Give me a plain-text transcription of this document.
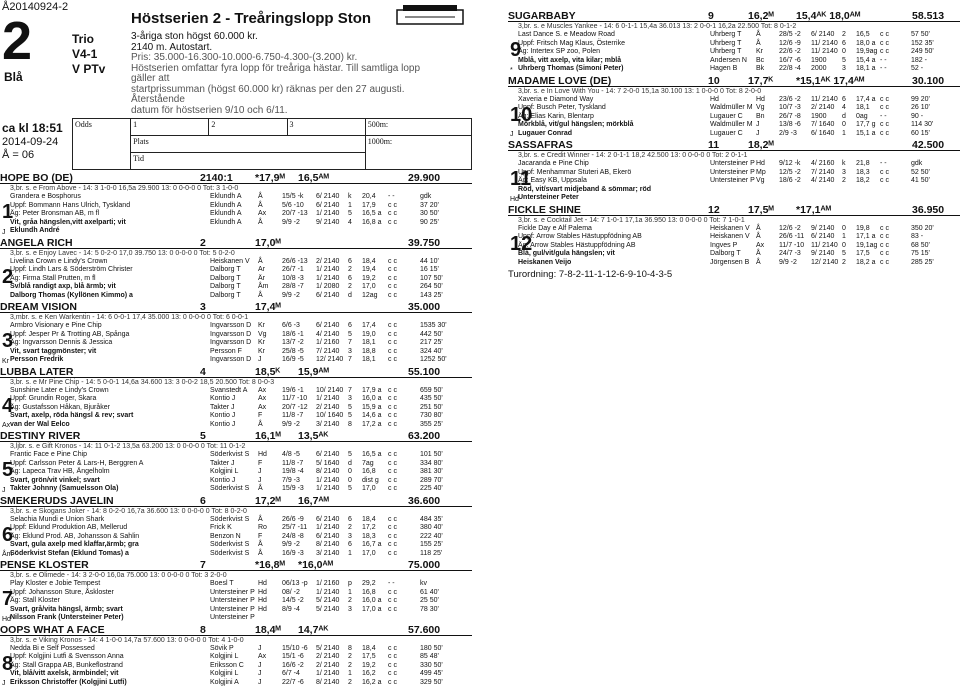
Å20140924-2
2
Blå
Trio
V4-1
V PTv
Höstserien 2 - Treåringslopp Ston
3-åriga ston högst 60.000 kr.
2140 m. Autostart.
Pris: 35.000-16.300-10.000-6.750-4.300-(3.200) kr.
Höstserien omfattar fyra lopp för treåriga hästar. Till samtliga lopp gäller att
startprissumman (högst 60.000 kr) räknas per den 27 augusti. Återstående
datum för höstserien 9/10 och 6/11.
ca kl 18:51
2014-09-24
Å = 06
Odds	1	2	3	500m:
	Plats			1000m:
	Tid			
HOPE BO (DE)	2140:1 *17,9ᴹ 16,5ᴬᴹ	29.900
3,br. s. e From Above - 14: 3 1-0-0 16,5a 29.900 13: 0 0-0-0 0 Tot: 3 1-0-0
1
Grandera e Bosphorus	Eklundh A Å	15/5 -k 6/ 2140 k 20,4 - -	gdk
Uppf: Bommann Hans Ulrich, Tyskland	Eklundh A Å	5/6 -10 6/ 2140 1 17,9 c c	37 20'
Äg: Peter Bronsman AB, m fl	Eklundh A Ax 20/7 -13 1/ 2140 5 16,5 a c c	30 50'
Vit, gråa hängslen,vitt axelparti; vit	Eklundh A Å	9/9 -2 9/ 2140 4 16,8 a c c	90 25'
J Eklundh André
ANGELA RICH	2	17,0ᴹ	39.750
3,br. s. e Enjoy Lavec - 14: 5 0-2-0 17,0 39.750 13: 0 0-0-0 0 Tot: 5 0-2-0
2
Livelina Crown e Lindy's Crown	Heiskanen V Å	26/6 -13 2/ 2140 6 18,4 c c	44 10'
Uppf: Lindh Lars & Söderström Christer	Dalborg T Ar 26/7 -1 1/ 2140 2 19,4 c c	16 15'
Äg: Firma Stall Prutten, m fl	Dalborg T Är 10/8 -3 1/ 2140 6 19,2 c c	107 50'
Sv/blå randigt axp, blå ärmb; vit	Dalborg T Åm 28/8 -7 1/ 2080 2 17,0 c c	264 50'
Dalborg Thomas (Kyllönen Kimmo) a	Dalborg T Å	9/9 -2 6/ 2140 d 12ag c c	143 25'
DREAM VISION	3	17,4ᴹ	35.000
3,mbr. s. e Ken Warkentin - 14: 6 0-0-1 17,4 35.000 13: 0 0-0-0 0 Tot: 6 0-0-1
3
Armbro Visionary e Pine Chip	Ingvarsson D Kr 6/6 -3 6/ 2140 6 17,4 c c	1535 30'
Uppf: Jesper Pr & Trotting AB, Spånga	Ingvarsson D Vg 18/6 -1 4/ 2140 5 19,0 c c	442 50'
Äg: Ingvarsson Dennis & Jessica	Ingvarsson D Kr 13/7 -2 1/ 2160 7 18,1 c c	217 25'
Vit, svart taggmönster; vit	Persson F Kr 25/8 -5 7/ 2140 3 18,8 c c	324 40'
Persson Fredrik	Ingvarsson D J	16/9 -5 12/ 2140 7 18,1 c c	1252 50'
Kr
LUBBA LATER	4	18,5ᴷ 15,9ᴬᴹ	55.100
3,br. s. e Mr Pine Chip - 14: 5 0-0-1 14,6a 34.600 13: 3 0-0-2 18,5 20.500 Tot: 8 0-0-3
4
Sunshine Later e Lindy's Crown	Svanstedt A Ax 19/6 -1 10/ 2140 7 17,9 a c c	659 50'
Uppf: Grundin Roger, Skara	Kontio J	Ax 11/7 -10 1/ 2140 3 16,0 a c c	435 50'
Äg: Gustafsson Håkan, Bjuråker	Takter J	Ax 20/7 -12 2/ 2140 5 15,9 a c c	251 50'
Svart, axelp, röda hängsl & rev; svart	Kontio J	F	11/8 -7 10/ 1640 5 14,6 a c c	730 80'
van der Wal Eelco	Kontio J	Å	9/9 -2 3/ 2140 8 17,2 a c c	355 25'
Ax
DESTINY RIVER	5	16,1ᴹ 13,5ᴬᴷ	63.200
3,ljbr. s. e Gift Kronos - 14: 11 0-1-2 13,5a 63.200 13: 0 0-0-0 0 Tot: 11 0-1-2
5
Frantic Face e Pine Chip	Söderkvist S Hd 4/8 -5 6/ 2140 5 16,5 a c c	101 50'
Uppf: Carlsson Peter & Lars-H, Berggren A	Takter J	F	11/8 -7 5/ 1640 d 7ag c c	334 80'
Äg: Lapeca Trav HB, Ängelholm	Kolgjini L	J	19/8 -4 8/ 2140 0 16,8 c c	381 30'
Svart, grön/vit vinkel; svart	Kontio J	J	7/9 -3 1/ 2140 0 dist g c c	289 70'
Takter Johnny (Samuelsson Ola)	Söderkvist S Å	15/9 -3 1/ 2140 5 17,0 c c	225 40'
J
SMEKERUDS JAVELIN	6	17,2ᴹ 16,7ᴬᴹ	36.600
3,br. s. e Skogans Joker - 14: 8 0-2-0 16,7a 36.600 13: 0 0-0-0 0 Tot: 8 0-2-0
6
Selachia Mundi e Union Shark	Söderkvist S Å	26/6 -9 6/ 2140 6 18,4 c c	484 35'
Uppf: Eklund Produktion AB, Mellerud	Frick K	Ro 25/7 -11 1/ 2140 2 17,2 c c	380 40'
Äg: Eklund Prod. AB, Johansson & Sahlin	Benzon N F	24/8 -8 6/ 2140 3 18,3 c c	222 40'
Svart, gula axelp med klaffar,ärmb; gra	Söderkvist S Å	9/9 -2 8/ 2140 6 16,7 a c c	155 25'
Söderkvist Stefan (Eklund Tomas) a	Söderkvist S Å	16/9 -3 3/ 2140 1 17,0 c c	118 25'
Åm
PENSE KLOSTER	7	*16,8ᴹ *16,0ᴬᴹ	75.000
3,br. s. e Olimede - 14: 3 2-0-0 16,0a 75.000 13: 0 0-0-0 0 Tot: 3 2-0-0
7
Play Kloster e Jobie Tempest	Boesl T	Hd 06/13 -p 1/ 2160 p 29,2 - -	kv
Uppf: Johansson Sture, Åskloster	Untersteiner P Hd 08/ -2 1/ 2140 1 16,8 c c	61 40'
Äg: Stall Kloster	Untersteiner P Hd 14/5 -2 5/ 2140 2 16,0 a c c	25 50'
Svart, grå/vita hängsl, ärmb; svart	Untersteiner P Hd 8/9 -4 5/ 2140 3 17,0 a c c	78 30'
Nilsson Frank (Untersteiner Peter)	Untersteiner P
Hd
OOPS WHAT A FACE	8	18,4ᴹ 14,7ᴬᴷ	57.600
3,br. s. e Viking Kronos - 14: 4 1-0-0 14,7a 57.600 13: 0 0-0-0 0 Tot: 4 1-0-0
8
Nedda Bi e Self Possessed	Sövik P	J	15/10 -6 5/ 2140 8 18,4 c c	180 50'
Uppf: Kolgjini Lutfi & Svensson Anna	Kolgjini L	Ax 15/1 -6 2/ 2140 2 17,5 c c	85 48'
Äg: Stall Grappa AB, Bunkeflostrand	Eriksson C J	16/6 -2 2/ 2140 2 19,2 c c	330 50'
Vit, blå/vitt axelsk, ärmbindel; vit	Kolgjini L	J	6/7 -4 1/ 2140 1 16,2 c c	499 45'
Eriksson Christoffer (Kolgjini Lutfi)	Kolgjini A	J	22/7 -6 8/ 2140 2 16,2 a c c	329 50'
J
SUGARBABY	9	16,2ᴹ 15,4ᴬᴷ 18,0ᴬᴹ	58.513
3,br. s. e Muscles Yankee - 14: 6 0-1-1 15,4a 36.013 13: 2 0-0-1 16,2a 22.500 Tot: 8 0-1-2
9
Last Dance S. e Meadow Road	Uhrberg T Å	28/5 -2 6/ 2140 2 16,5 c c	57 50'
Uppf: Fritsch Mag Klaus, Österrike	Uhrberg T Å	12/6 -9 11/ 2140 6 18,0 a c c	152 35'
Äg: Intertex SP zoo, Polen	Uhrberg T Kr 22/6 -2 11/ 2140 0 19,9ag c c	249 50'
Mblå, vitt axelp, vita kilar; mblå	Andersen N Bc 16/7 -6 1900 5 15,4 a - -	182 -
Uhrberg Thomas (Simoni Peter)	Hagen B	Bk 22/8 -4 2000 3 18,1 a - -	52 -
*
MADAME LOVE (DE)	10	17,7ᴷ *15,1ᴬᴷ 17,4ᴬᴹ	30.100
3,br. s. e In Love With You - 14: 7 2-0-0 15,1a 30.100 13: 1 0-0-0 0 Tot: 8 2-0-0
10
Xaveria e Diamond Way	Hd	Hd 23/6 -2 11/ 2140 6 17,4 a c c	99 20'
Uppf: Busch Peter, Tyskland	Waldmüller M Vg 10/7 -3 2/ 2140 4 18,1 c c	26 10'
Äg: Elias Karin, Blentarp	Lugauer C Bn 26/7 -8 1900 d 0ag - -	90 -
Mörkblå, vit/gul hängslen; mörkblå	Waldmüller M J	13/8 -6 7/ 1640 0 17,7 g c c	114 30'
Lugauer Conrad	Lugauer C J	2/9 -3 6/ 1640 1 15,1 a c c	60 15'
J
SASSAFRAS	11	18,2ᴹ	42.500
3,br. s. e Credit Winner - 14: 2 0-1-1 18,2 42.500 13: 0 0-0-0 0 Tot: 2 0-1-1
11
Jacaranda e Pine Chip	Untersteiner P Hd 9/12 -k 4/ 2160 k 21,8 - -	gdk
Uppf: Menhammar Stuteri AB, Ekerö	Untersteiner P Mp 12/5 -2 7/ 2140 3 18,3 c c	52 50'
Äg: Easy KB, Uppsala	Untersteiner P Vg 18/6 -2 4/ 2140 2 18,2 c c	41 50'
Röd, vit/svart midjeband & sömmar; röd
Untersteiner Peter
Hd
FICKLE SHINE	12	17,5ᴹ *17,1ᴬᴹ	36.950
3,br. s. e Cocktail Jet - 14: 7 1-0-1 17,1a 36.950 13: 0 0-0-0 0 Tot: 7 1-0-1
12
Fickle Day e Alf Palema	Heiskanen V Å	12/6 -2 9/ 2140 0 19,8 c c	350 20'
Uppf: Arrow Stables Hästuppfödning AB	Heiskanen V Å	26/6 -11 6/ 2140 1 17,1 a c c	83 -
Äg: Arrow Stables Hästuppfödning AB	Ingves P	Ax 11/7 -10 11/ 2140 0 19,1ag c c	68 50'
Blå, gul/vit/gula hängslen; vit	Dalborg T Å	24/7 -3 9/ 2140 5 17,5 c c	75 15'
Heiskanen Veijo	Jörgensen B Å	9/9 -2 12/ 2140 2 18,2 a c c	285 25'
Turordning: 7-8-2-11-1-12-6-9-10-4-3-5
